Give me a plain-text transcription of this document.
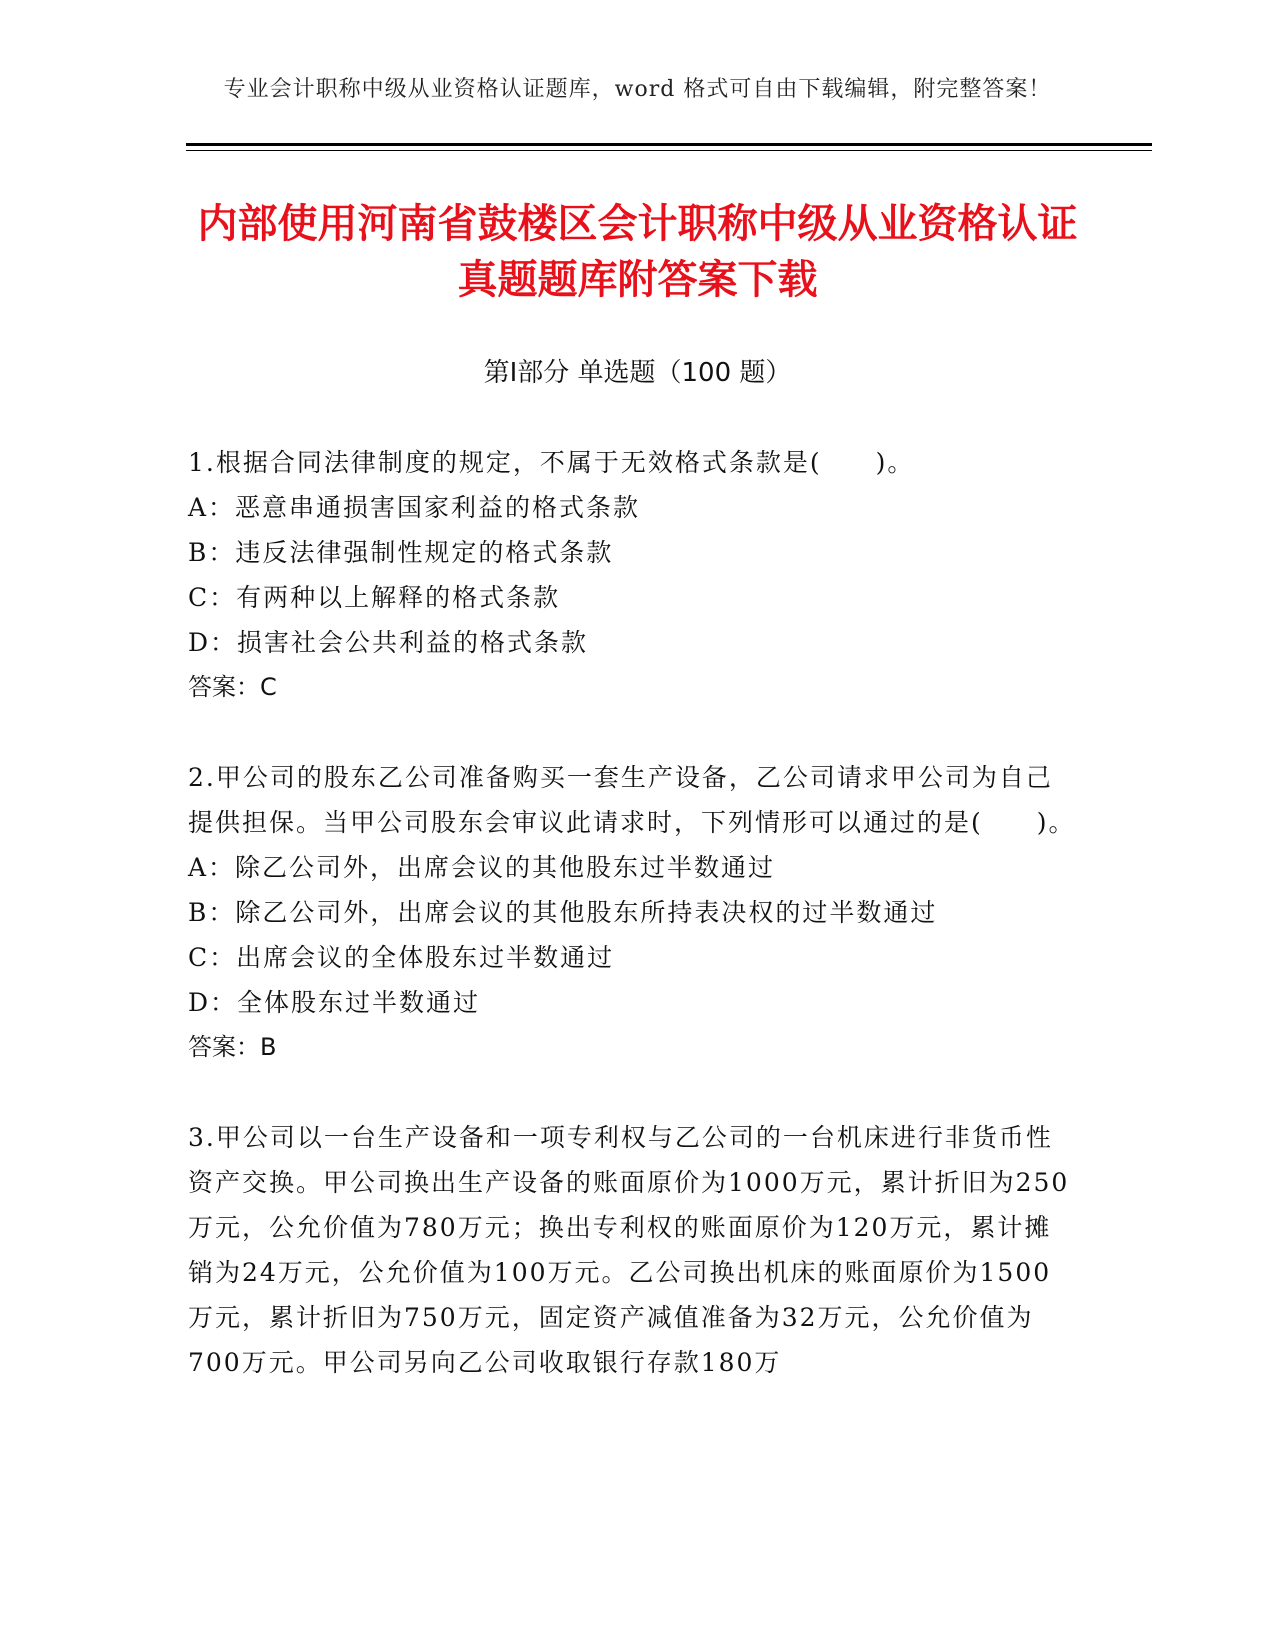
专业会计职称中级从业资格认证题库，word 格式可自由下载编辑，附完整答案！
内部使用河南省鼓楼区会计职称中级从业资格认证真题题库附答案下载
第Ⅰ部分 单选题（100 题）
1.根据合同法律制度的规定，不属于无效格式条款是(　　)。
A：恶意串通损害国家利益的格式条款
B：违反法律强制性规定的格式条款
C：有两种以上解释的格式条款
D：损害社会公共利益的格式条款
答案：C
2.甲公司的股东乙公司准备购买一套生产设备，乙公司请求甲公司为自己提供担保。当甲公司股东会审议此请求时，下列情形可以通过的是(　　)。
A：除乙公司外，出席会议的其他股东过半数通过
B：除乙公司外，出席会议的其他股东所持表决权的过半数通过
C：出席会议的全体股东过半数通过
D：全体股东过半数通过
答案：B
3.甲公司以一台生产设备和一项专利权与乙公司的一台机床进行非货币性资产交换。甲公司换出生产设备的账面原价为1000万元，累计折旧为250万元，公允价值为780万元；换出专利权的账面原价为120万元，累计摊销为24万元，公允价值为100万元。乙公司换出机床的账面原价为1500万元，累计折旧为750万元，固定资产减值准备为32万元，公允价值为700万元。甲公司另向乙公司收取银行存款180万
